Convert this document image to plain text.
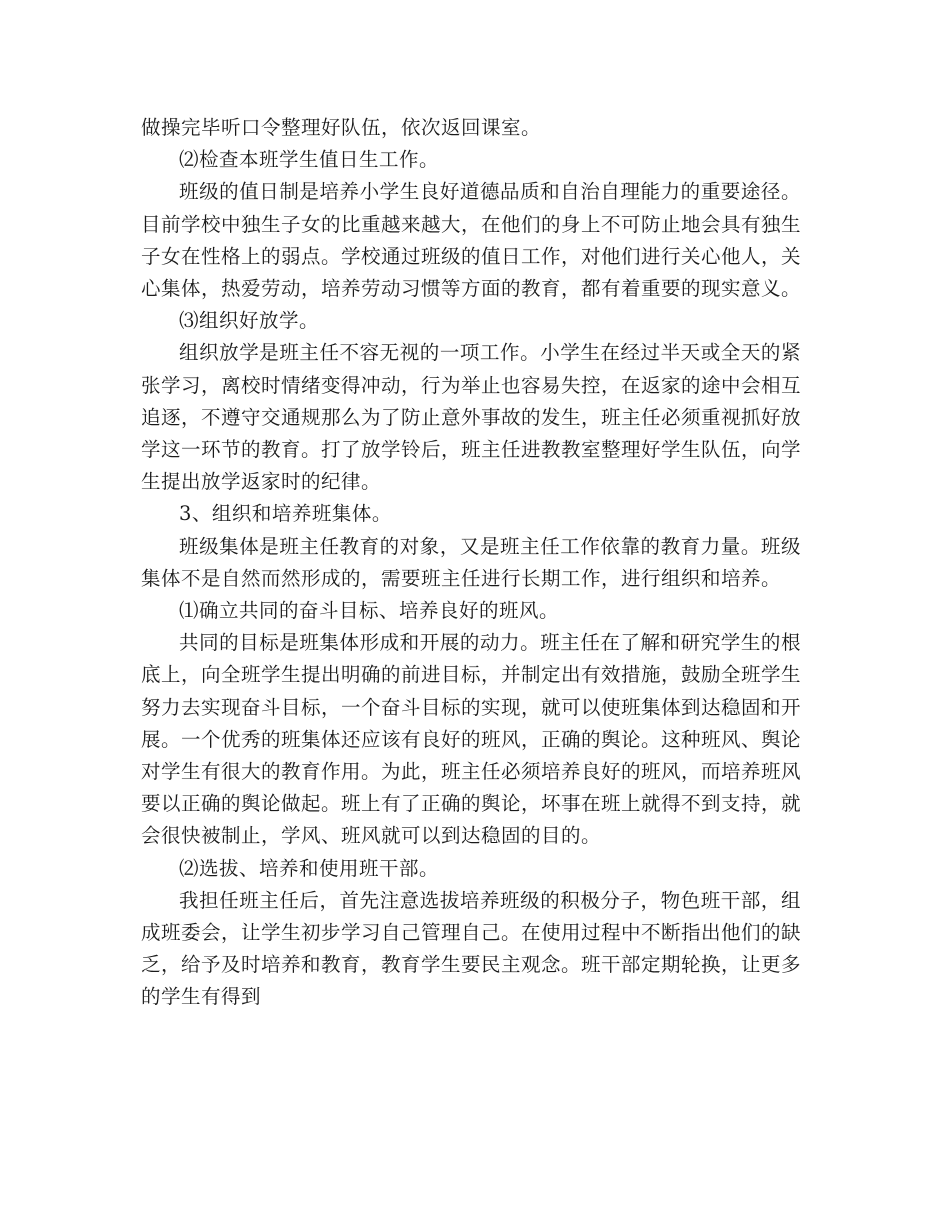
做操完毕听口令整理好队伍，依次返回课室。

⑵检查本班学生值日生工作。

班级的值日制是培养小学生良好道德品质和自治自理能力的重要途径。目前学校中独生子女的比重越来越大，在他们的身上不可防止地会具有独生子女在性格上的弱点。学校通过班级的值日工作，对他们进行关心他人，关心集体，热爱劳动，培养劳动习惯等方面的教育，都有着重要的现实意义。

⑶组织好放学。

组织放学是班主任不容无视的一项工作。小学生在经过半天或全天的紧张学习，离校时情绪变得冲动，行为举止也容易失控，在返家的途中会相互追逐，不遵守交通规那么为了防止意外事故的发生，班主任必须重视抓好放学这一环节的教育。打了放学铃后，班主任进教教室整理好学生队伍，向学生提出放学返家时的纪律。

3、组织和培养班集体。

班级集体是班主任教育的对象，又是班主任工作依靠的教育力量。班级集体不是自然而然形成的，需要班主任进行长期工作，进行组织和培养。

⑴确立共同的奋斗目标、培养良好的班风。

共同的目标是班集体形成和开展的动力。班主任在了解和研究学生的根底上，向全班学生提出明确的前进目标，并制定出有效措施，鼓励全班学生努力去实现奋斗目标，一个奋斗目标的实现，就可以使班集体到达稳固和开展。一个优秀的班集体还应该有良好的班风，正确的舆论。这种班风、舆论对学生有很大的教育作用。为此，班主任必须培养良好的班风，而培养班风要以正确的舆论做起。班上有了正确的舆论，坏事在班上就得不到支持，就会很快被制止，学风、班风就可以到达稳固的目的。

⑵选拔、培养和使用班干部。

我担任班主任后，首先注意选拔培养班级的积极分子，物色班干部，组成班委会，让学生初步学习自己管理自己。在使用过程中不断指出他们的缺乏，给予及时培养和教育，教育学生要民主观念。班干部定期轮换，让更多的学生有得到
